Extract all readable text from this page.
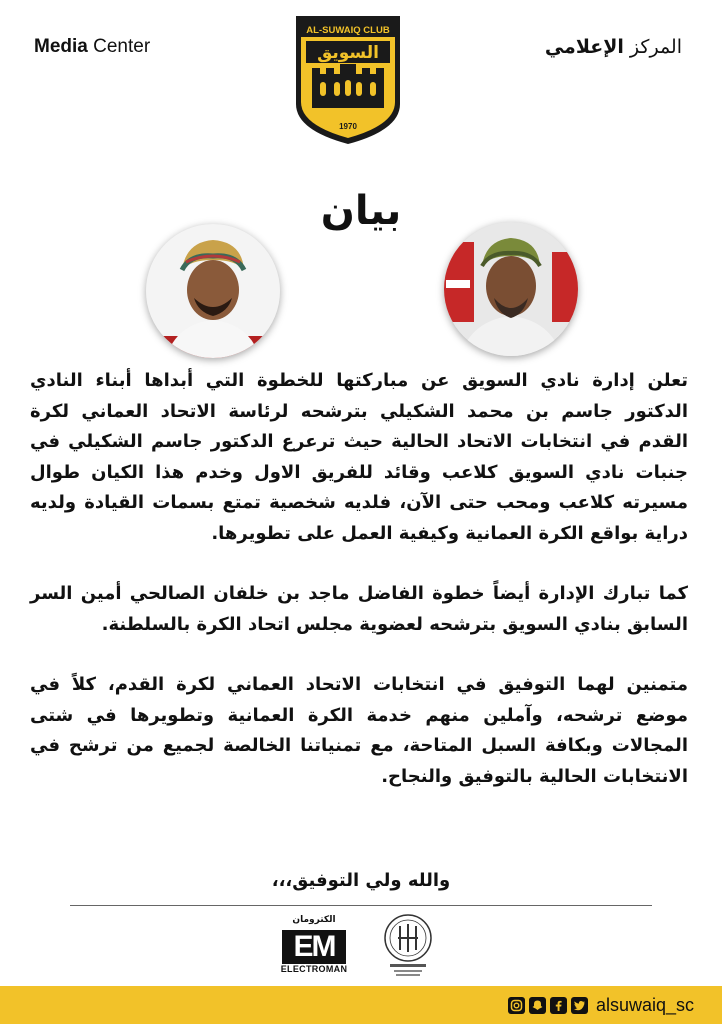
Media Center	المركز الإعلامي
AL-SUWAIQ CLUB
السويق
1970
بيان

تعلن إدارة نادي السويق عن مباركتها للخطوة التي أبداها أبناء النادي الدكتور جاسم بن محمد الشكيلي بترشحه لرئاسة الاتحاد العماني لكرة القدم في انتخابات الاتحاد الحالية حيث ترعرع الدكتور جاسم الشكيلي في جنبات نادي السويق كلاعب وقائد للفريق الاول وخدم هذا الكيان طوال مسيرته كلاعب ومحب حتى الآن، فلديه شخصية تمتع بسمات القيادة ولديه دراية بواقع الكرة العمانية وكيفية العمل على تطويرها.

كما تبارك الإدارة أيضاً خطوة الفاضل ماجد بن خلفان الصالحي أمين السر السابق بنادي السويق بترشحه لعضوية مجلس اتحاد الكرة بالسلطنة.

متمنين لهما التوفيق في انتخابات الاتحاد العماني لكرة القدم، كلاً في موضع ترشحه، وآملين منهم خدمة الكرة العمانية وتطويرها في شتى المجالات وبكافة السبل المتاحة، مع تمنياتنا الخالصة لجميع من ترشح في الانتخابات الحالية بالتوفيق والنجاح.

والله ولي التوفيق،،،
الكترومان
EM
ELECTROMAN
alsuwaiq_sc
